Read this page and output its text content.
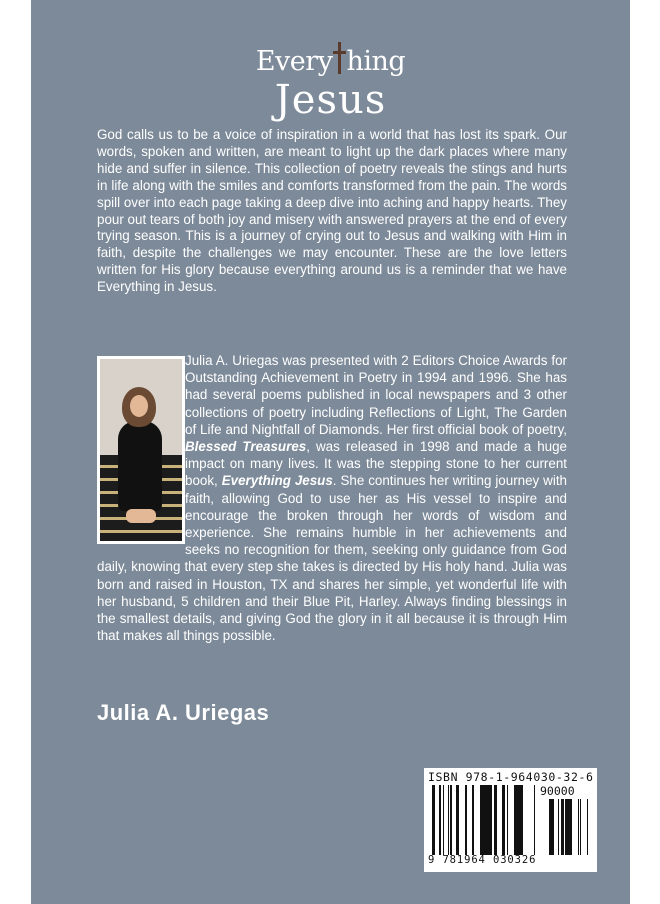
Every hing
Jesus

God calls us to be a voice of inspiration in a world that has lost its spark. Our words, spoken and written, are meant to light up the dark places where many hide and suffer in silence. This collection of poetry reveals the stings and hurts in life along with the smiles and comforts transformed from the pain. The words spill over into each page taking a deep dive into aching and happy hearts. They pour out tears of both joy and misery with answered prayers at the end of every trying season. This is a journey of crying out to Jesus and walking with Him in faith, despite the challenges we may encounter. These are the love letters written for His glory because everything around us is a reminder that we have Everything in Jesus.

Julia A. Uriegas was presented with 2 Editors Choice Awards for Outstanding Achievement in Poetry in 1994 and 1996. She has had several poems published in local newspapers and 3 other collections of poetry including Reflections of Light, The Garden of Life and Nightfall of Diamonds. Her first official book of poetry, Blessed Treasures, was released in 1998 and made a huge impact on many lives. It was the stepping stone to her current book, Everything Jesus. She continues her writing journey with faith, allowing God to use her as His vessel to inspire and encourage the broken through her words of wisdom and experience. She remains humble in her achievements and seeks no recognition for them, seeking only guidance from God daily, knowing that every step she takes is directed by His holy hand. Julia was born and raised in Houston, TX and shares her simple, yet wonderful life with her husband, 5 children and their Blue Pit, Harley. Always finding blessings in the smallest details, and giving God the glory in it all because it is through Him that makes all things possible.
Julia A. Uriegas
ISBN 978-1-964030-32-6
90000
9 781964 030326
